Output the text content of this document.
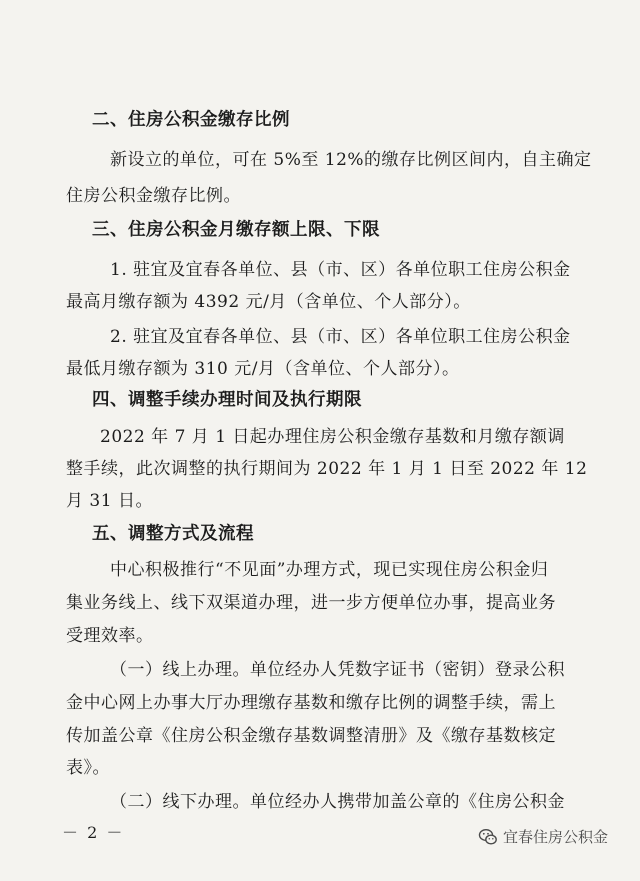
二、住房公积金缴存比例
新设立的单位，可在 5%至 12%的缴存比例区间内，自主确定
住房公积金缴存比例。
三、住房公积金月缴存额上限、下限
1. 驻宜及宜春各单位、县（市、区）各单位职工住房公积金
最高月缴存额为 4392 元/月（含单位、个人部分）。
2. 驻宜及宜春各单位、县（市、区）各单位职工住房公积金
最低月缴存额为 310 元/月（含单位、个人部分）。
四、调整手续办理时间及执行期限
2022 年 7 月 1 日起办理住房公积金缴存基数和月缴存额调
整手续，此次调整的执行期间为 2022 年 1 月 1 日至 2022 年 12
月 31 日。
五、调整方式及流程
中心积极推行“不见面”办理方式，现已实现住房公积金归
集业务线上、线下双渠道办理，进一步方便单位办事，提高业务
受理效率。
（一）线上办理。单位经办人凭数字证书（密钥）登录公积
金中心网上办事大厅办理缴存基数和缴存比例的调整手续，需上
传加盖公章《住房公积金缴存基数调整清册》及《缴存基数核定
表》。
（二）线下办理。单位经办人携带加盖公章的《住房公积金
－ 2 －	宜春住房公积金
